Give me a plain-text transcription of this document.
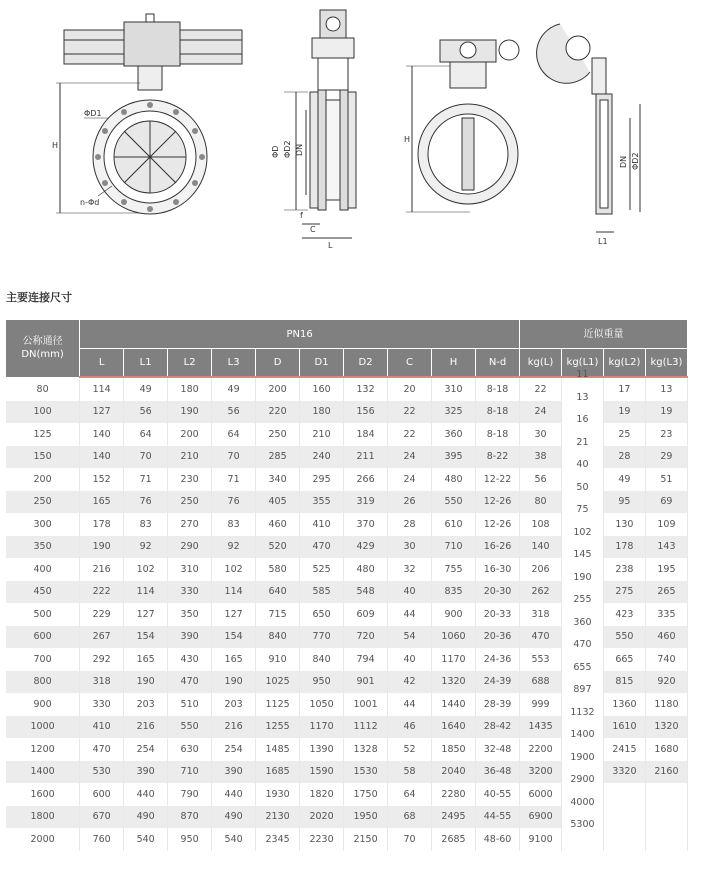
ΦD1
H
n-Φd
ΦD ΦD2 DN
f
C
L
H
DN ΦD2
L1
主要连接尺寸
公称通径
DN(mm)	PN16										近似重量			
	L	L1	L2	L3	D	D1	D2	C	H	N-d	kg(L)	kg(L1)	kg(L2)	kg(L3)
80	114	49	180	49	200	160	132	20	310	8-18	22	11	17	13
100	127	56	190	56	220	180	156	22	325	8-18	24	13	19	19
125	140	64	200	64	250	210	184	22	360	8-18	30	16	25	23
150	140	70	210	70	285	240	211	24	395	8-22	38	21	28	29
200	152	71	230	71	340	295	266	24	480	12-22	56	40	49	51
250	165	76	250	76	405	355	319	26	550	12-26	80	50	95	69
300	178	83	270	83	460	410	370	28	610	12-26	108	75	130	109
350	190	92	290	92	520	470	429	30	710	16-26	140	102	178	143
400	216	102	310	102	580	525	480	32	755	16-30	206	145	238	195
450	222	114	330	114	640	585	548	40	835	20-30	262	190	275	265
500	229	127	350	127	715	650	609	44	900	20-33	318	255	423	335
600	267	154	390	154	840	770	720	54	1060	20-36	470	360	550	460
700	292	165	430	165	910	840	794	40	1170	24-36	553	470	665	740
800	318	190	470	190	1025	950	901	42	1320	24-39	688	655	815	920
900	330	203	510	203	1125	1050	1001	44	1440	28-39	999	897	1360	1180
1000	410	216	550	216	1255	1170	1112	46	1640	28-42	1435	1132	1610	1320
1200	470	254	630	254	1485	1390	1328	52	1850	32-48	2200	1400	2415	1680
1400	530	390	710	390	1685	1590	1530	58	2040	36-48	3200	1900	3320	2160
1600	600	440	790	440	1930	1820	1750	64	2280	40-55	6000	2900		
1800	670	490	870	490	2130	2020	1950	68	2495	44-55	6900	4000		
2000	760	540	950	540	2345	2230	2150	70	2685	48-60	9100	5300		
